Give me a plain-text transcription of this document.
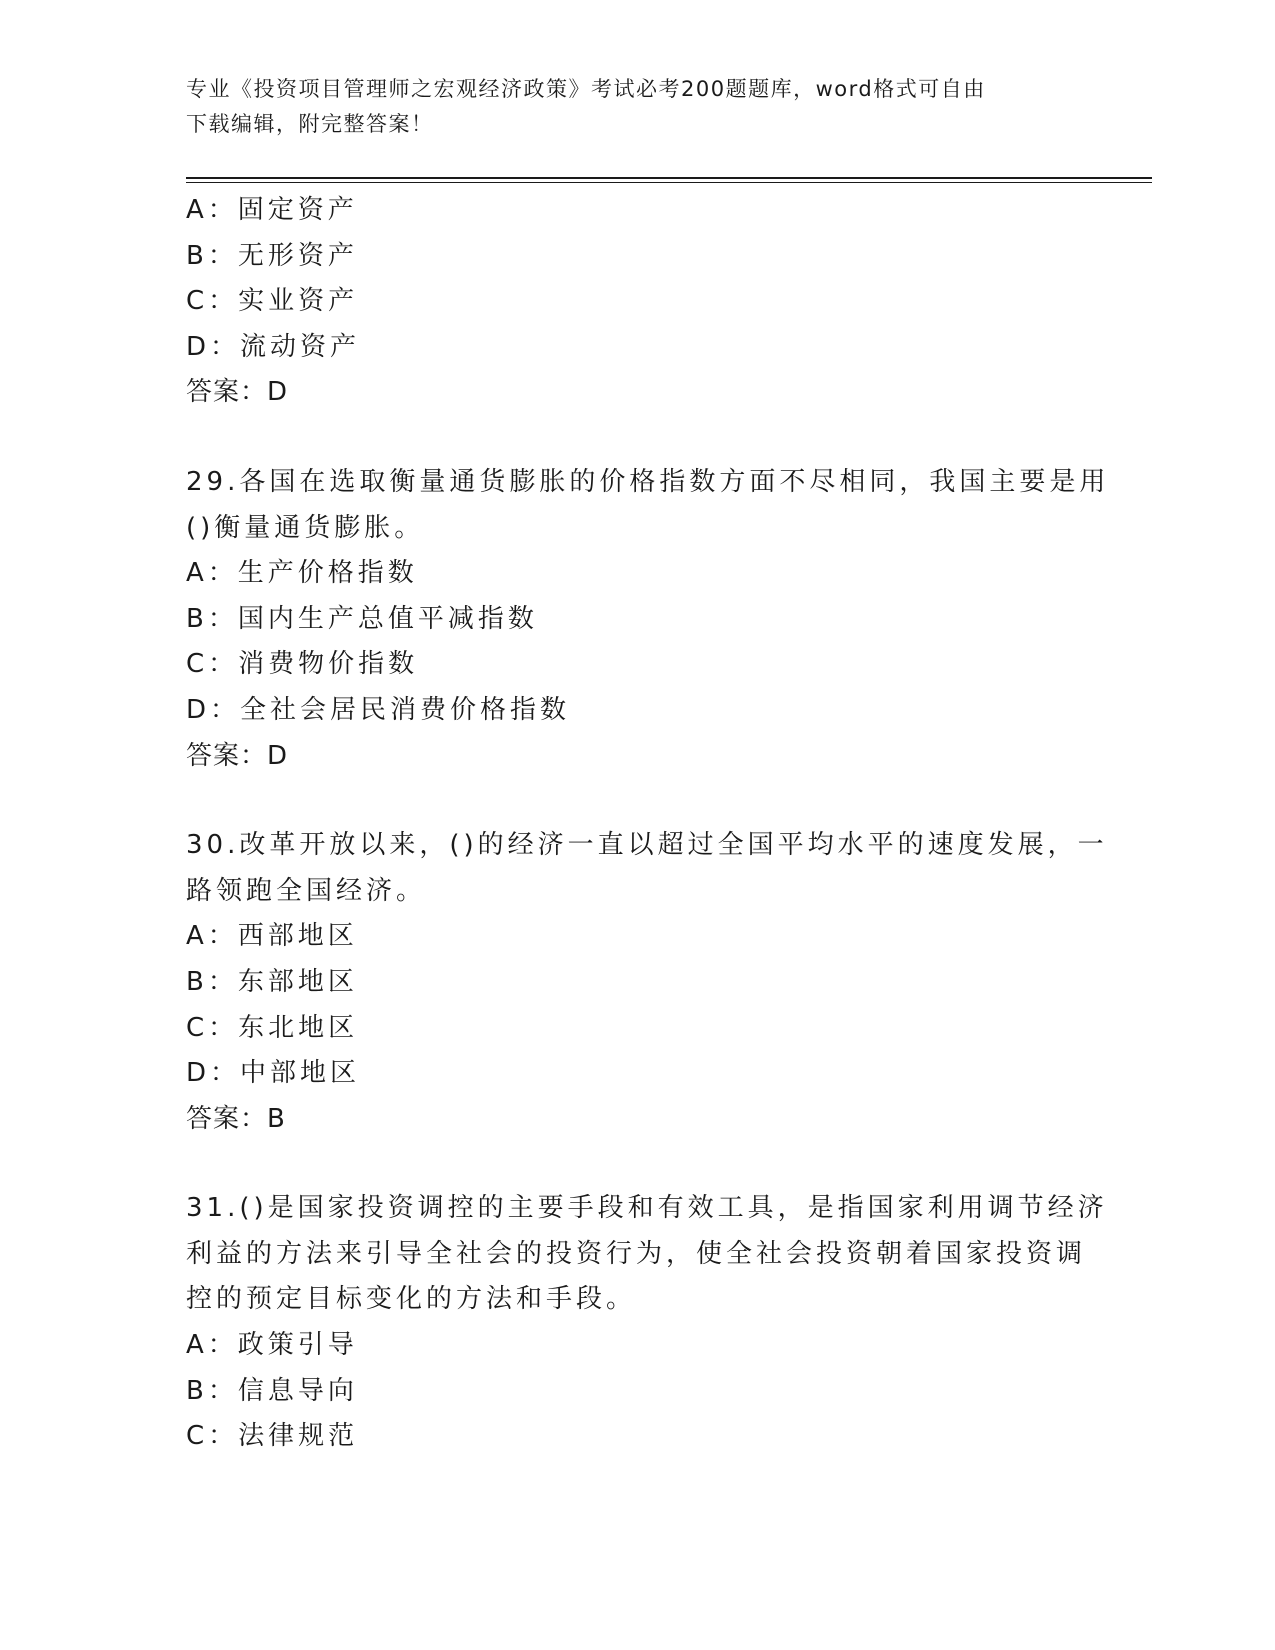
专业《投资项目管理师之宏观经济政策》考试必考200题题库，word格式可自由
下载编辑，附完整答案！
A：固定资产
B：无形资产
C：实业资产
D：流动资产
答案：D
29.各国在选取衡量通货膨胀的价格指数方面不尽相同，我国主要是用
()衡量通货膨胀。
A：生产价格指数
B：国内生产总值平减指数
C：消费物价指数
D：全社会居民消费价格指数
答案：D
30.改革开放以来，()的经济一直以超过全国平均水平的速度发展，一
路领跑全国经济。
A：西部地区
B：东部地区
C：东北地区
D：中部地区
答案：B
31.()是国家投资调控的主要手段和有效工具，是指国家利用调节经济
利益的方法来引导全社会的投资行为，使全社会投资朝着国家投资调
控的预定目标变化的方法和手段。
A：政策引导
B：信息导向
C：法律规范
